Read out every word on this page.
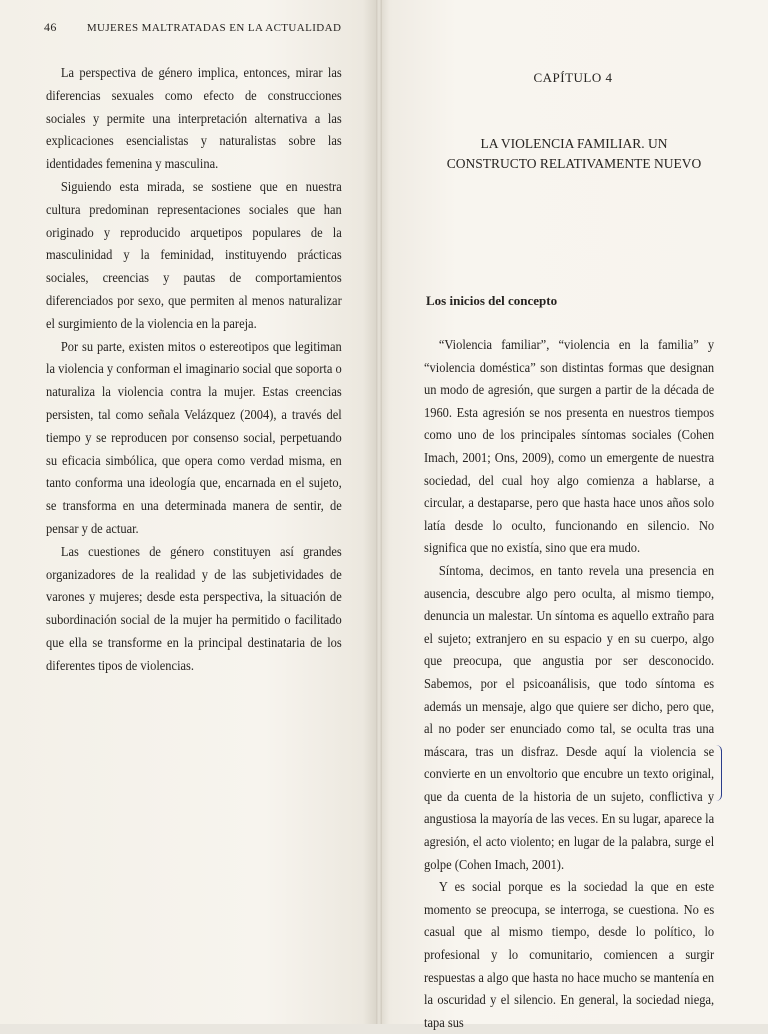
46	MUJERES MALTRATADAS EN LA ACTUALIDAD

La perspectiva de género implica, entonces, mirar las diferencias sexuales como efecto de construcciones sociales y permite una interpretación alternativa a las explicaciones esencialistas y naturalistas sobre las identidades femenina y masculina.

Siguiendo esta mirada, se sostiene que en nuestra cultura predominan representaciones sociales que han originado y reproducido arquetipos populares de la masculinidad y la feminidad, instituyendo prácticas sociales, creencias y pautas de comportamientos diferenciados por sexo, que permiten al menos naturalizar el surgimiento de la violencia en la pareja.

Por su parte, existen mitos o estereotipos que legitiman la violencia y conforman el imaginario social que soporta o naturaliza la violencia contra la mujer. Estas creencias persisten, tal como señala Velázquez (2004), a través del tiempo y se reproducen por consenso social, perpetuando su eficacia simbólica, que opera como verdad misma, en tanto conforma una ideología que, encarnada en el sujeto, se transforma en una determinada manera de sentir, de pensar y de actuar.

Las cuestiones de género constituyen así grandes organizadores de la realidad y de las subjetividades de varones y mujeres; desde esta perspectiva, la situación de subordinación social de la mujer ha permitido o facilitado que ella se transforme en la principal destinataria de los diferentes tipos de violencias.

CAPÍTULO 4
LA VIOLENCIA FAMILIAR. UN CONSTRUCTO RELATIVAMENTE NUEVO
Los inicios del concepto

“Violencia familiar”, “violencia en la familia” y “violencia doméstica” son distintas formas que designan un modo de agresión, que surgen a partir de la década de 1960. Esta agresión se nos presenta en nuestros tiempos como uno de los principales síntomas sociales (Cohen Imach, 2001; Ons, 2009), como un emergente de nuestra sociedad, del cual hoy algo comienza a hablarse, a circular, a destaparse, pero que hasta hace unos años solo latía desde lo oculto, funcionando en silencio. No significa que no existía, sino que era mudo.

Síntoma, decimos, en tanto revela una presencia en ausencia, descubre algo pero oculta, al mismo tiempo, denuncia un malestar. Un síntoma es aquello extraño para el sujeto; extranjero en su espacio y en su cuerpo, algo que preocupa, que angustia por ser desconocido. Sabemos, por el psicoanálisis, que todo síntoma es además un mensaje, algo que quiere ser dicho, pero que, al no poder ser enunciado como tal, se oculta tras una máscara, tras un disfraz. Desde aquí la violencia se convierte en un envoltorio que encubre un texto original, que da cuenta de la historia de un sujeto, conflictiva y angustiosa la mayoría de las veces. En su lugar, aparece la agresión, el acto violento; en lugar de la palabra, surge el golpe (Cohen Imach, 2001).

Y es social porque es la sociedad la que en este momento se preocupa, se interroga, se cuestiona. No es casual que al mismo tiempo, desde lo político, lo profesional y lo comunitario, comiencen a surgir respuestas a algo que hasta no hace mucho se mantenía en la oscuridad y el silencio. En general, la sociedad niega, tapa sus
